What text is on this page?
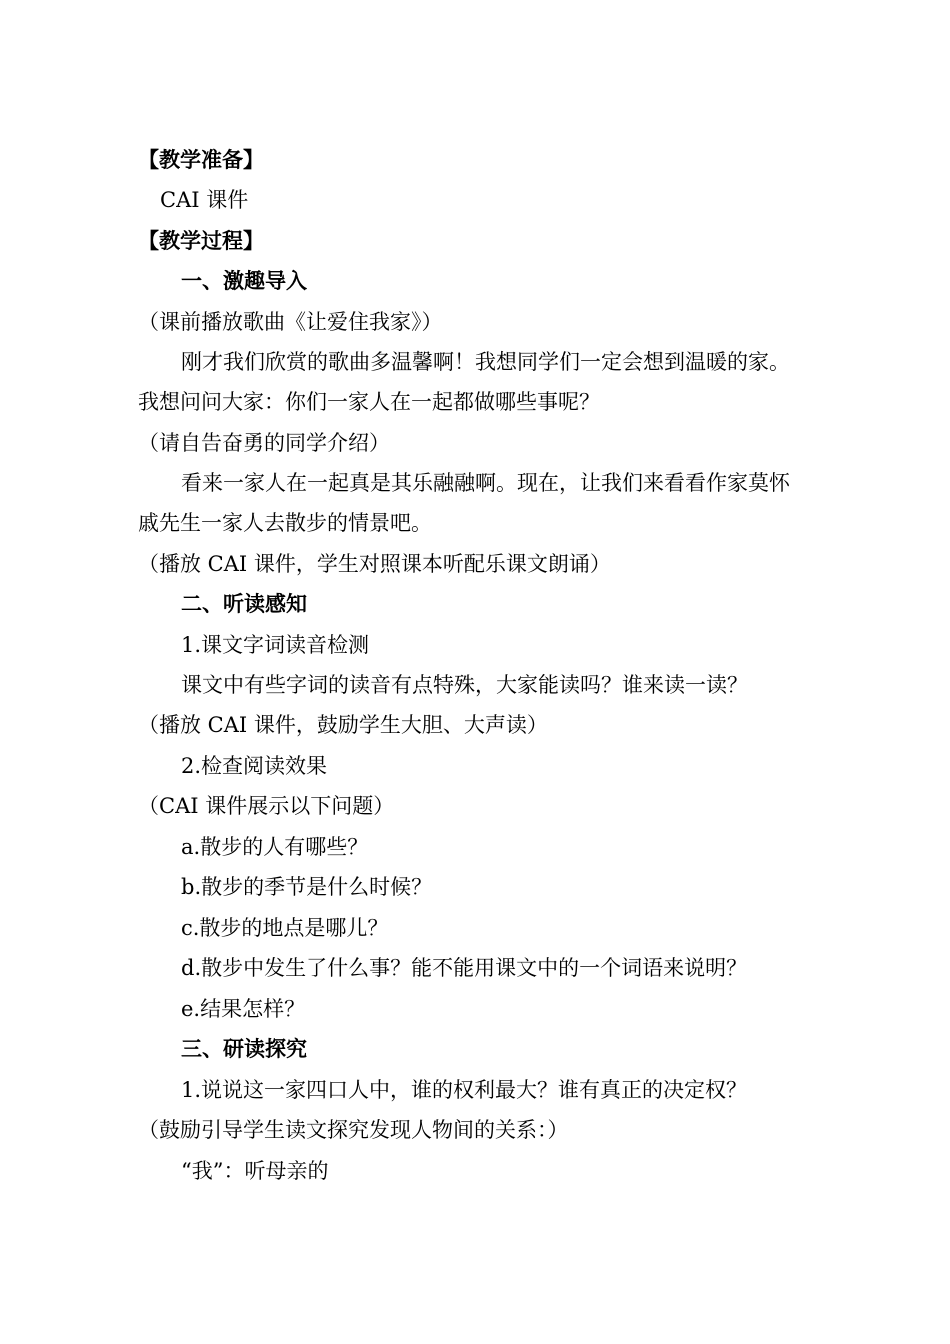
【教学准备】
CAI 课件
【教学过程】
一、激趣导入
（课前播放歌曲《让爱住我家》）
刚才我们欣赏的歌曲多温馨啊！我想同学们一定会想到温暖的家。
我想问问大家：你们一家人在一起都做哪些事呢？
（请自告奋勇的同学介绍）
看来一家人在一起真是其乐融融啊。现在，让我们来看看作家莫怀
戚先生一家人去散步的情景吧。
（播放 CAI 课件，学生对照课本听配乐课文朗诵）
二、听读感知
1.课文字词读音检测
课文中有些字词的读音有点特殊，大家能读吗？谁来读一读？
（播放 CAI 课件，鼓励学生大胆、大声读）
2.检查阅读效果
（CAI 课件展示以下问题）
a.散步的人有哪些？
b.散步的季节是什么时候？
c.散步的地点是哪儿？
d.散步中发生了什么事？能不能用课文中的一个词语来说明？
e.结果怎样？
三、研读探究
1.说说这一家四口人中，谁的权利最大？谁有真正的决定权？
（鼓励引导学生读文探究发现人物间的关系：）
“我”：听母亲的
